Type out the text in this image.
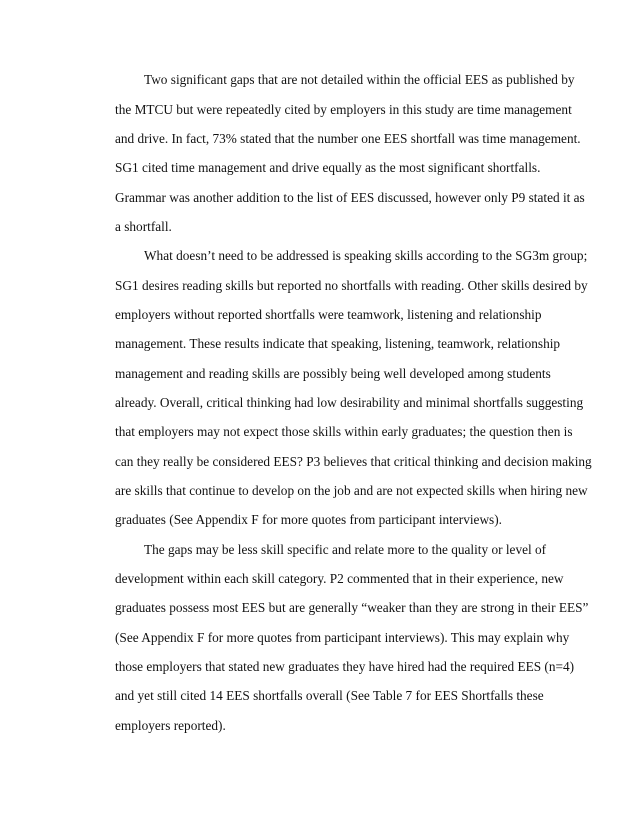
Two significant gaps that are not detailed within the official EES as published by
the MTCU but were repeatedly cited by employers in this study are time management
and drive. In fact, 73% stated that the number one EES shortfall was time management.
SG1 cited time management and drive equally as the most significant shortfalls.
Grammar was another addition to the list of EES discussed, however only P9 stated it as
a shortfall.
What doesn’t need to be addressed is speaking skills according to the SG3m group;
SG1 desires reading skills but reported no shortfalls with reading. Other skills desired by
employers without reported shortfalls were teamwork, listening and relationship
management. These results indicate that speaking, listening, teamwork, relationship
management and reading skills are possibly being well developed among students
already. Overall, critical thinking had low desirability and minimal shortfalls suggesting
that employers may not expect those skills within early graduates; the question then is
can they really be considered EES? P3 believes that critical thinking and decision making
are skills that continue to develop on the job and are not expected skills when hiring new
graduates (See Appendix F for more quotes from participant interviews).
The gaps may be less skill specific and relate more to the quality or level of
development within each skill category. P2 commented that in their experience, new
graduates possess most EES but are generally “weaker than they are strong in their EES”
(See Appendix F for more quotes from participant interviews). This may explain why
those employers that stated new graduates they have hired had the required EES (n=4)
and yet still cited 14 EES shortfalls overall (See Table 7 for EES Shortfalls these
employers reported).
